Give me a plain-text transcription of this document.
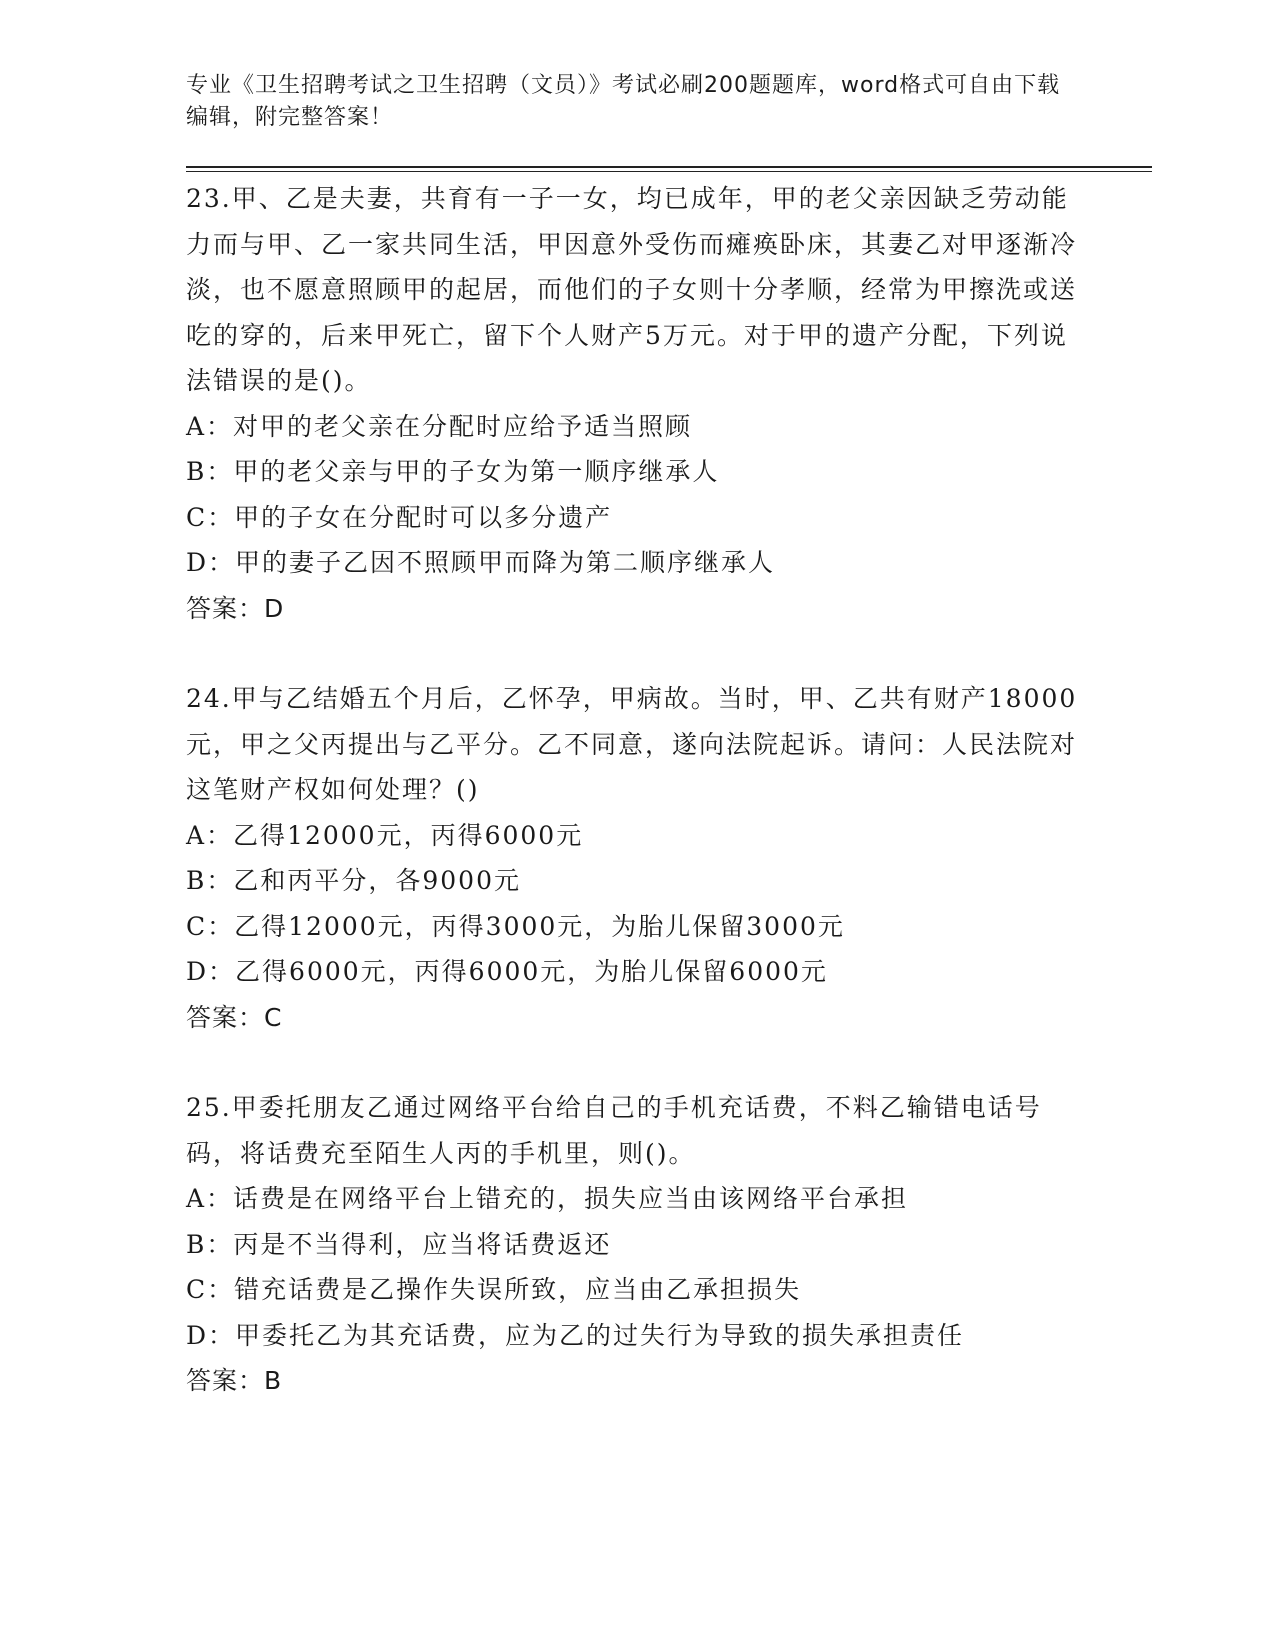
专业《卫生招聘考试之卫生招聘（文员）》考试必刷200题题库，word格式可自由下载编辑，附完整答案！

23.甲、乙是夫妻，共育有一子一女，均已成年，甲的老父亲因缺乏劳动能力而与甲、乙一家共同生活，甲因意外受伤而瘫痪卧床，其妻乙对甲逐渐冷淡，也不愿意照顾甲的起居，而他们的子女则十分孝顺，经常为甲擦洗或送吃的穿的，后来甲死亡，留下个人财产5万元。对于甲的遗产分配，下列说法错误的是()。

A：对甲的老父亲在分配时应给予适当照顾

B：甲的老父亲与甲的子女为第一顺序继承人

C：甲的子女在分配时可以多分遗产

D：甲的妻子乙因不照顾甲而降为第二顺序继承人

答案：D

24.甲与乙结婚五个月后，乙怀孕，甲病故。当时，甲、乙共有财产18000元，甲之父丙提出与乙平分。乙不同意，遂向法院起诉。请问：人民法院对这笔财产权如何处理？()

A：乙得12000元，丙得6000元

B：乙和丙平分，各9000元

C：乙得12000元，丙得3000元，为胎儿保留3000元

D：乙得6000元，丙得6000元，为胎儿保留6000元

答案：C

25.甲委托朋友乙通过网络平台给自己的手机充话费，不料乙输错电话号码，将话费充至陌生人丙的手机里，则()。

A：话费是在网络平台上错充的，损失应当由该网络平台承担

B：丙是不当得利，应当将话费返还

C：错充话费是乙操作失误所致，应当由乙承担损失

D：甲委托乙为其充话费，应为乙的过失行为导致的损失承担责任

答案：B
